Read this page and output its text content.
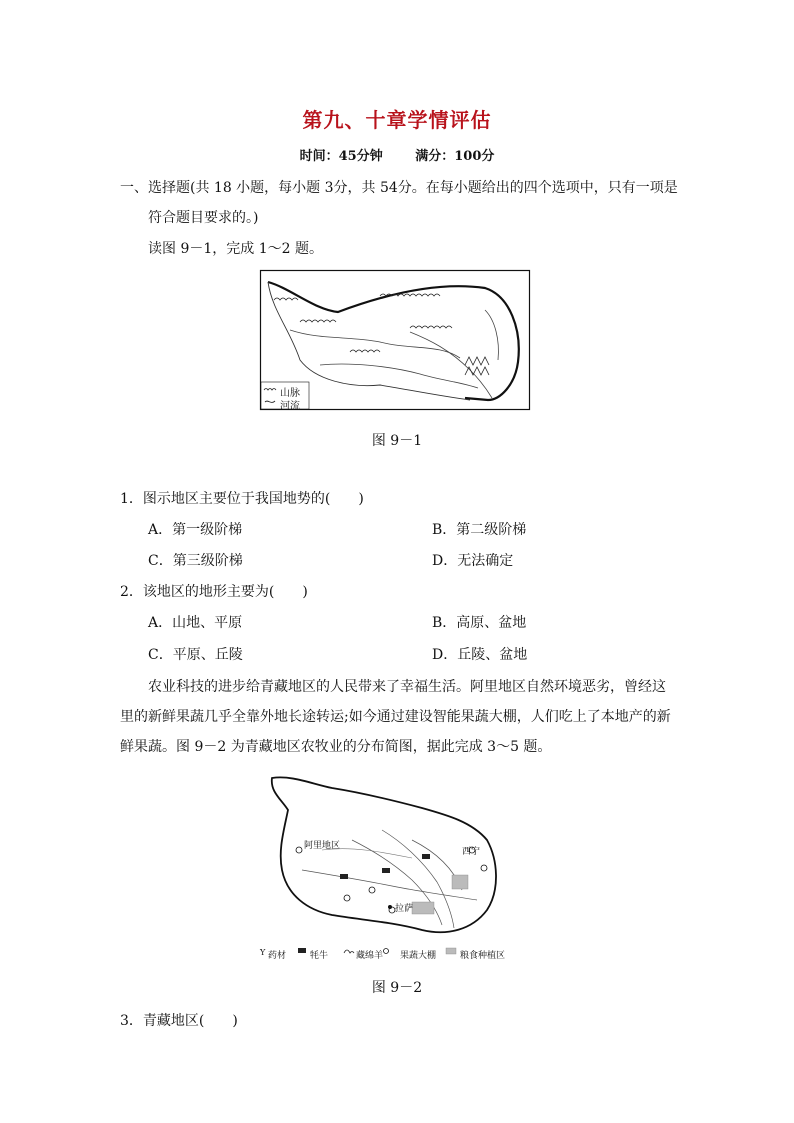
第九、十章学情评估
时间：45分钟	满分：100分
一、选择题(共 18 小题，每小题 3分，共 54分。在每小题给出的四个选项中，只有一项是
符合题目要求的。)
读图 9－1，完成 1～2 题。
山脉
河流
图 9－1
1．图示地区主要位于我国地势的(　　)
A．第一级阶梯	B．第二级阶梯
C．第三级阶梯	D．无法确定
2．该地区的地形主要为(　　)
A．山地、平原	B．高原、盆地
C．平原、丘陵	D．丘陵、盆地
农业科技的进步给青藏地区的人民带来了幸福生活。阿里地区自然环境恶劣，曾经这
里的新鲜果蔬几乎全靠外地长途转运;如今通过建设智能果蔬大棚，人们吃上了本地产的新
鲜果蔬。图 9－2 为青藏地区农牧业的分布简图，据此完成 3～5 题。
Y
阿里地区
拉萨
西宁
药材	牦牛	藏绵羊 果蔬大棚	粮食种植区
图 9－2
3．青藏地区(　　)
